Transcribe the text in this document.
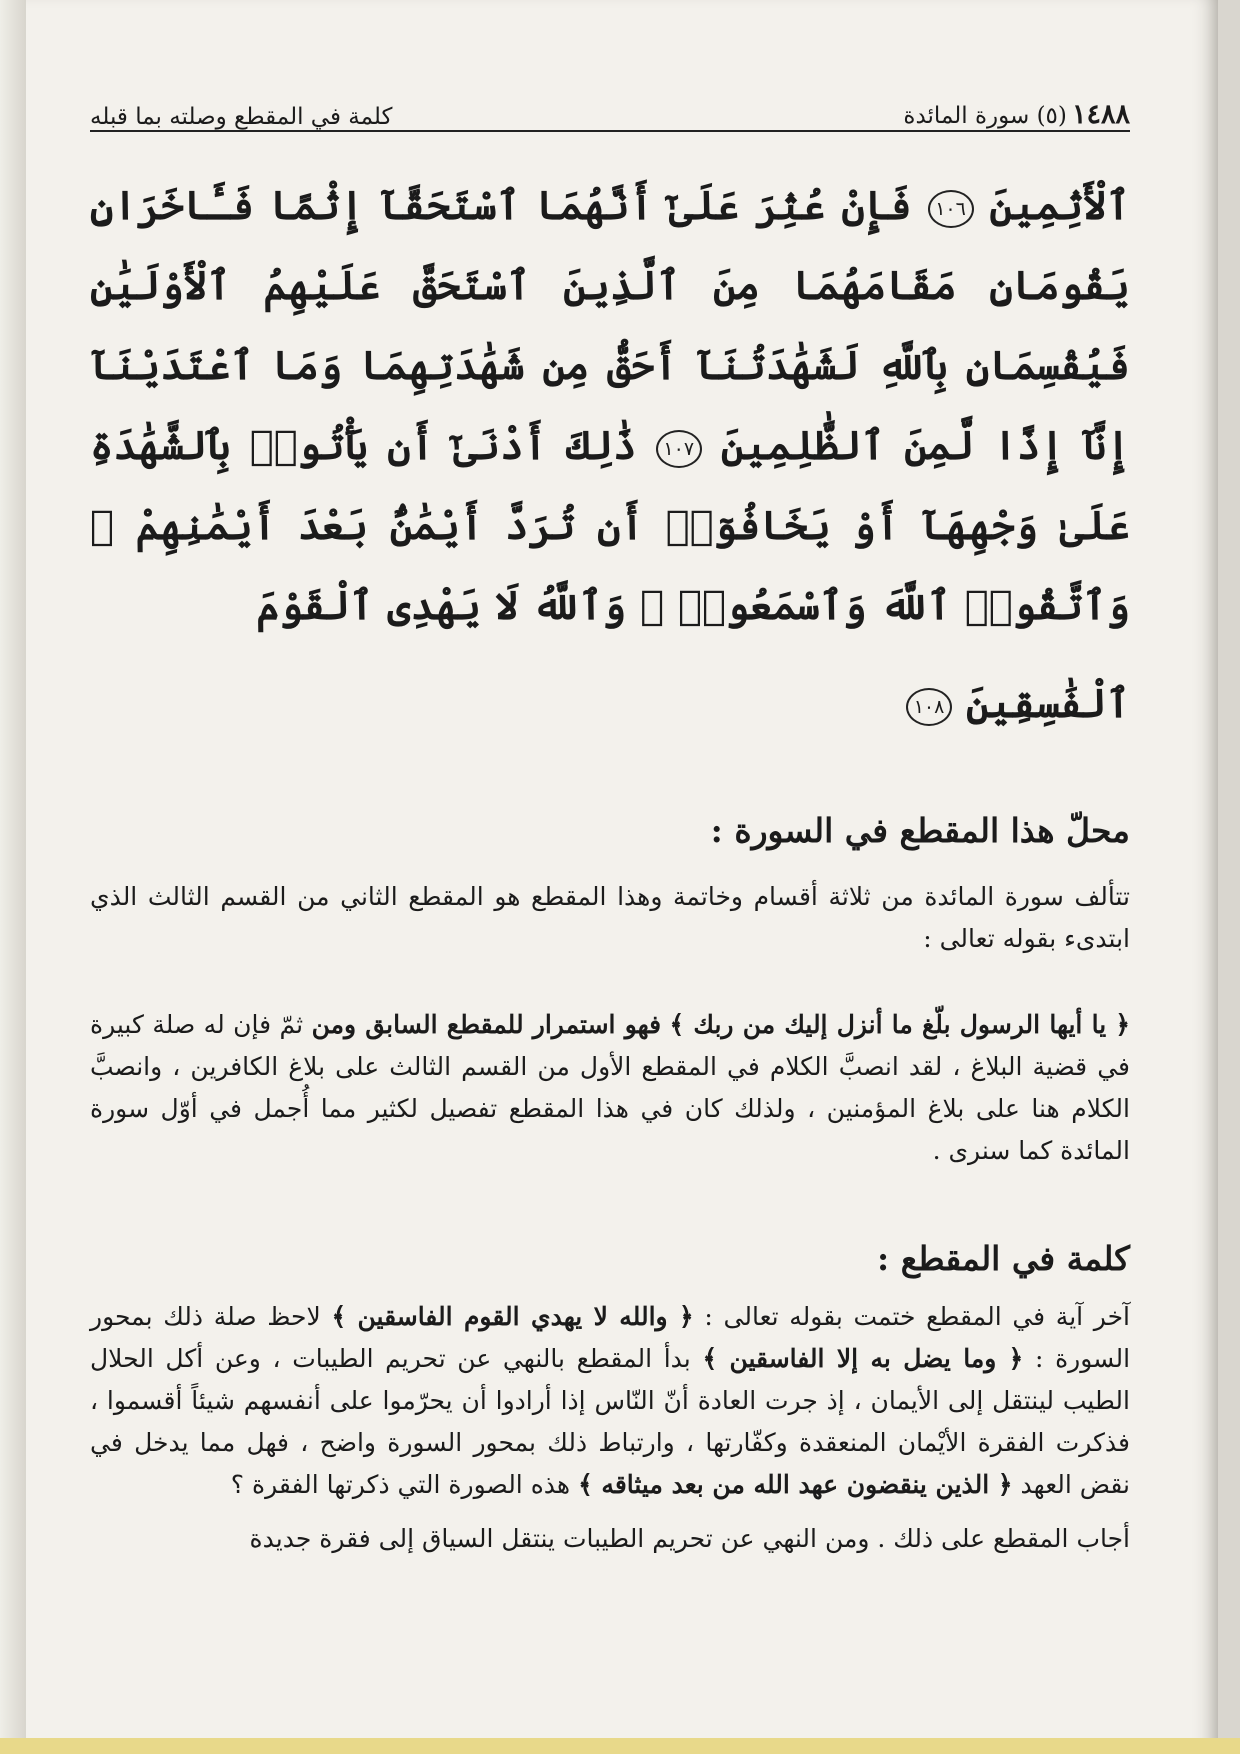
١٤٨٨ (٥) سورة المائدة
كلمة في المقطع وصلته بما قبله

ٱلْأَثِمِينَ ١٠٦ فَإِنْ عُثِرَ عَلَىٰٓ أَنَّهُمَا ٱسْتَحَقَّآ إِثْمًا فَـَٔاخَرَانِ يَقُومَانِ مَقَامَهُمَا مِنَ ٱلَّذِينَ ٱسْتَحَقَّ عَلَيْهِمُ ٱلْأَوْلَيَٰنِ فَيُقْسِمَانِ بِٱللَّهِ لَشَهَٰدَتُنَآ أَحَقُّ مِن شَهَٰدَتِهِمَا وَمَا ٱعْتَدَيْنَآ إِنَّآ إِذًا لَّمِنَ ٱلظَّٰلِمِينَ ١٠٧ ذَٰلِكَ أَدْنَىٰٓ أَن يَأْتُوا۟ بِٱلشَّهَٰدَةِ عَلَىٰ وَجْهِهَآ أَوْ يَخَافُوٓا۟ أَن تُرَدَّ أَيْمَٰنٌۢ بَعْدَ أَيْمَٰنِهِمْ ۗ وَٱتَّقُوا۟ ٱللَّهَ وَٱسْمَعُوا۟ ۗ وَٱللَّهُ لَا يَهْدِى ٱلْقَوْمَ

ٱلْفَٰسِقِينَ ١٠٨

محلّ هذا المقطع في السورة :

تتألف سورة المائدة من ثلاثة أقسام وخاتمة وهذا المقطع هو المقطع الثاني من القسم الثالث الذي ابتدىء بقوله تعالى :

﴿ يا أيها الرسول بلّغ ما أنزل إليك من ربك ﴾ فهو استمرار للمقطع السابق ومن ثمّ فإن له صلة كبيرة في قضية البلاغ ، لقد انصبَّ الكلام في المقطع الأول من القسم الثالث على بلاغ الكافرين ، وانصبَّ الكلام هنا على بلاغ المؤمنين ، ولذلك كان في هذا المقطع تفصيل لكثير مما أُجمل في أوّل سورة المائدة كما سنرى .

كلمة في المقطع :

آخر آية في المقطع ختمت بقوله تعالى : ﴿ والله لا يهدي القوم الفاسقين ﴾ لاحظ صلة ذلك بمحور السورة : ﴿ وما يضل به إلا الفاسقين ﴾ بدأ المقطع بالنهي عن تحريم الطيبات ، وعن أكل الحلال الطيب لينتقل إلى الأيمان ، إذ جرت العادة أنّ النّاس إذا أرادوا أن يحرّموا على أنفسهم شيئاً أقسموا ، فذكرت الفقرة الأيْمان المنعقدة وكفّارتها ، وارتباط ذلك بمحور السورة واضح ، فهل مما يدخل في نقض العهد ﴿ الذين ينقضون عهد الله من بعد ميثاقه ﴾ هذه الصورة التي ذكرتها الفقرة ؟

أجاب المقطع على ذلك . ومن النهي عن تحريم الطيبات ينتقل السياق إلى فقرة جديدة
